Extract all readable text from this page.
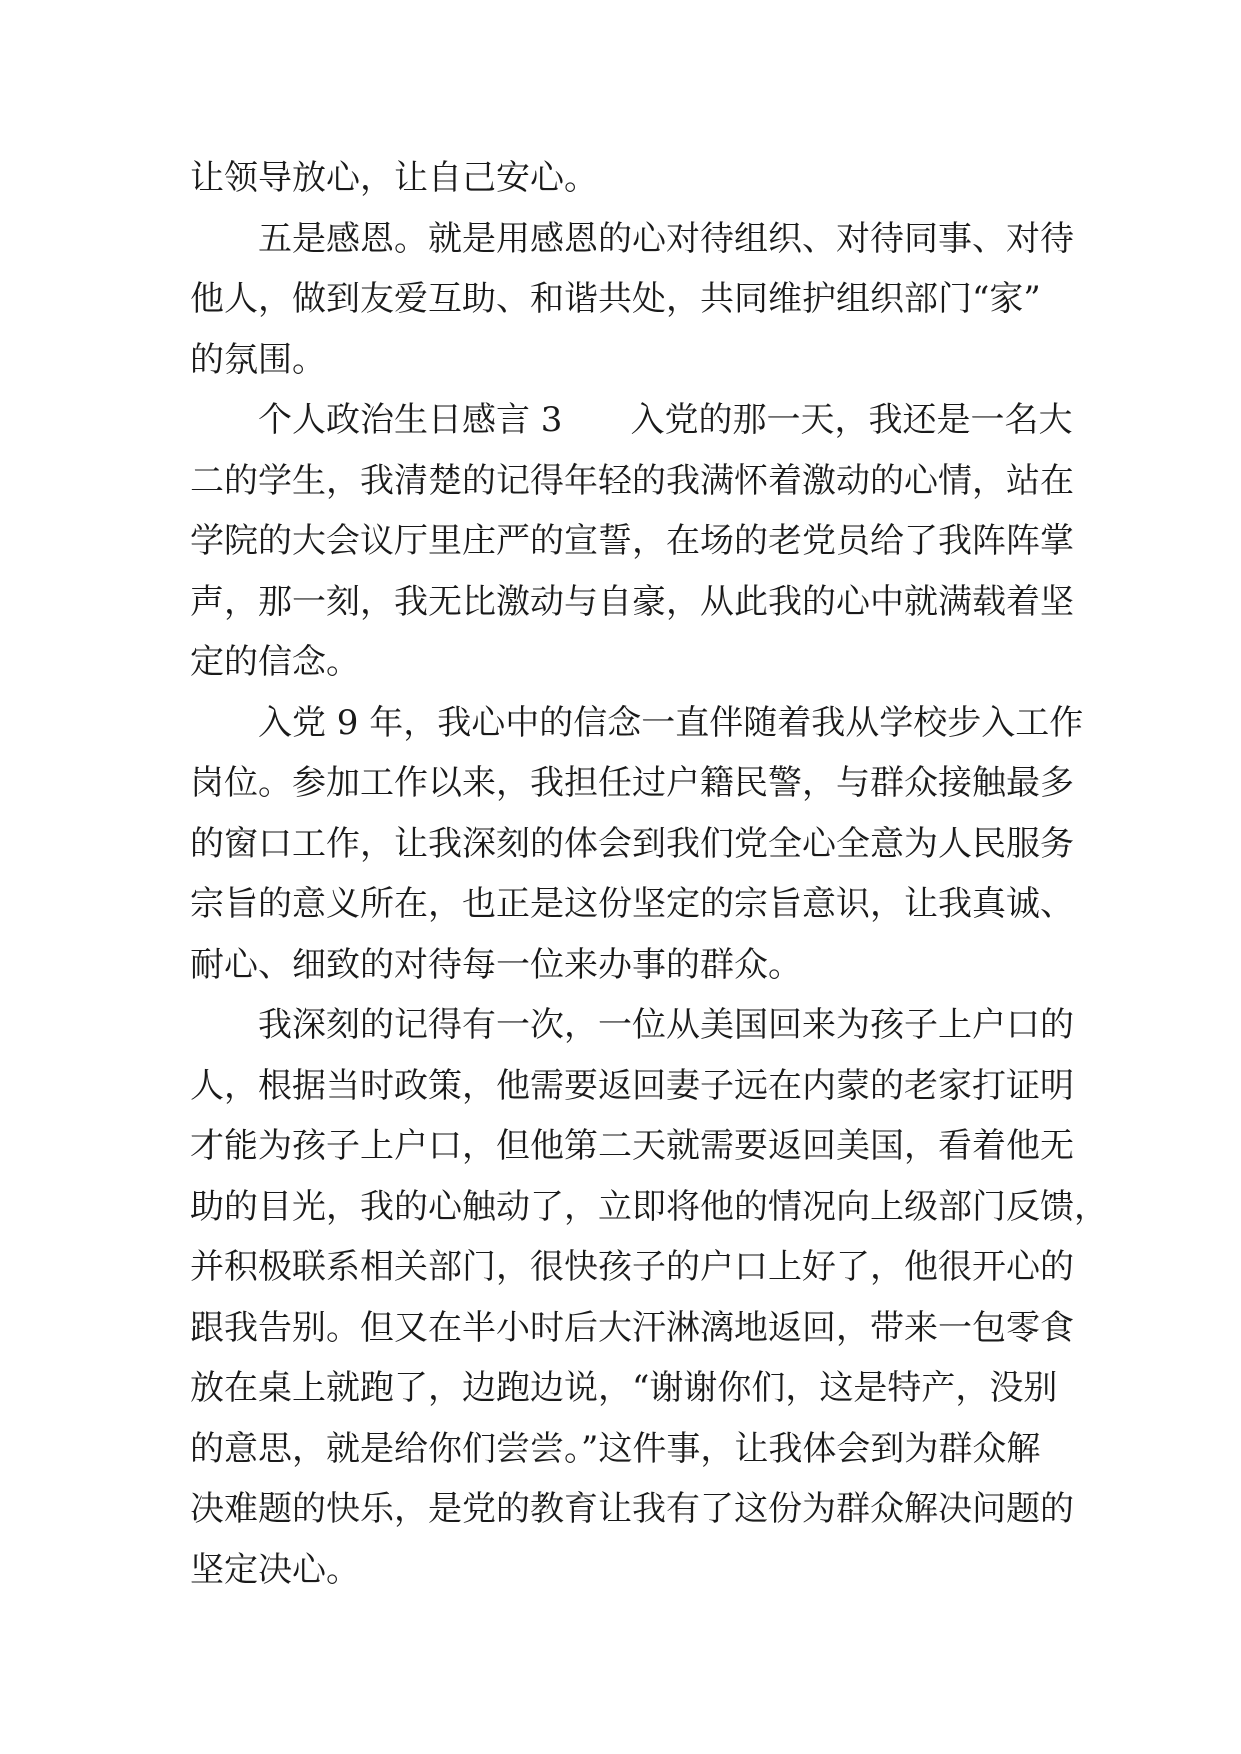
让领导放心，让自己安心。

五是感恩。就是用感恩的心对待组织、对待同事、对待

他人，做到友爱互助、和谐共处，共同维护组织部门“家”

的氛围。

个人政治生日感言 3　　入党的那一天，我还是一名大

二的学生，我清楚的记得年轻的我满怀着激动的心情，站在

学院的大会议厅里庄严的宣誓，在场的老党员给了我阵阵掌

声，那一刻，我无比激动与自豪，从此我的心中就满载着坚

定的信念。

入党 9 年，我心中的信念一直伴随着我从学校步入工作

岗位。参加工作以来，我担任过户籍民警，与群众接触最多

的窗口工作，让我深刻的体会到我们党全心全意为人民服务

宗旨的意义所在，也正是这份坚定的宗旨意识，让我真诚、

耐心、细致的对待每一位来办事的群众。

我深刻的记得有一次，一位从美国回来为孩子上户口的

人，根据当时政策，他需要返回妻子远在内蒙的老家打证明

才能为孩子上户口，但他第二天就需要返回美国，看着他无

助的目光，我的心触动了，立即将他的情况向上级部门反馈，

并积极联系相关部门，很快孩子的户口上好了，他很开心的

跟我告别。但又在半小时后大汗淋漓地返回，带来一包零食

放在桌上就跑了，边跑边说，“谢谢你们，这是特产，没别

的意思，就是给你们尝尝。”这件事，让我体会到为群众解

决难题的快乐，是党的教育让我有了这份为群众解决问题的

坚定决心。
